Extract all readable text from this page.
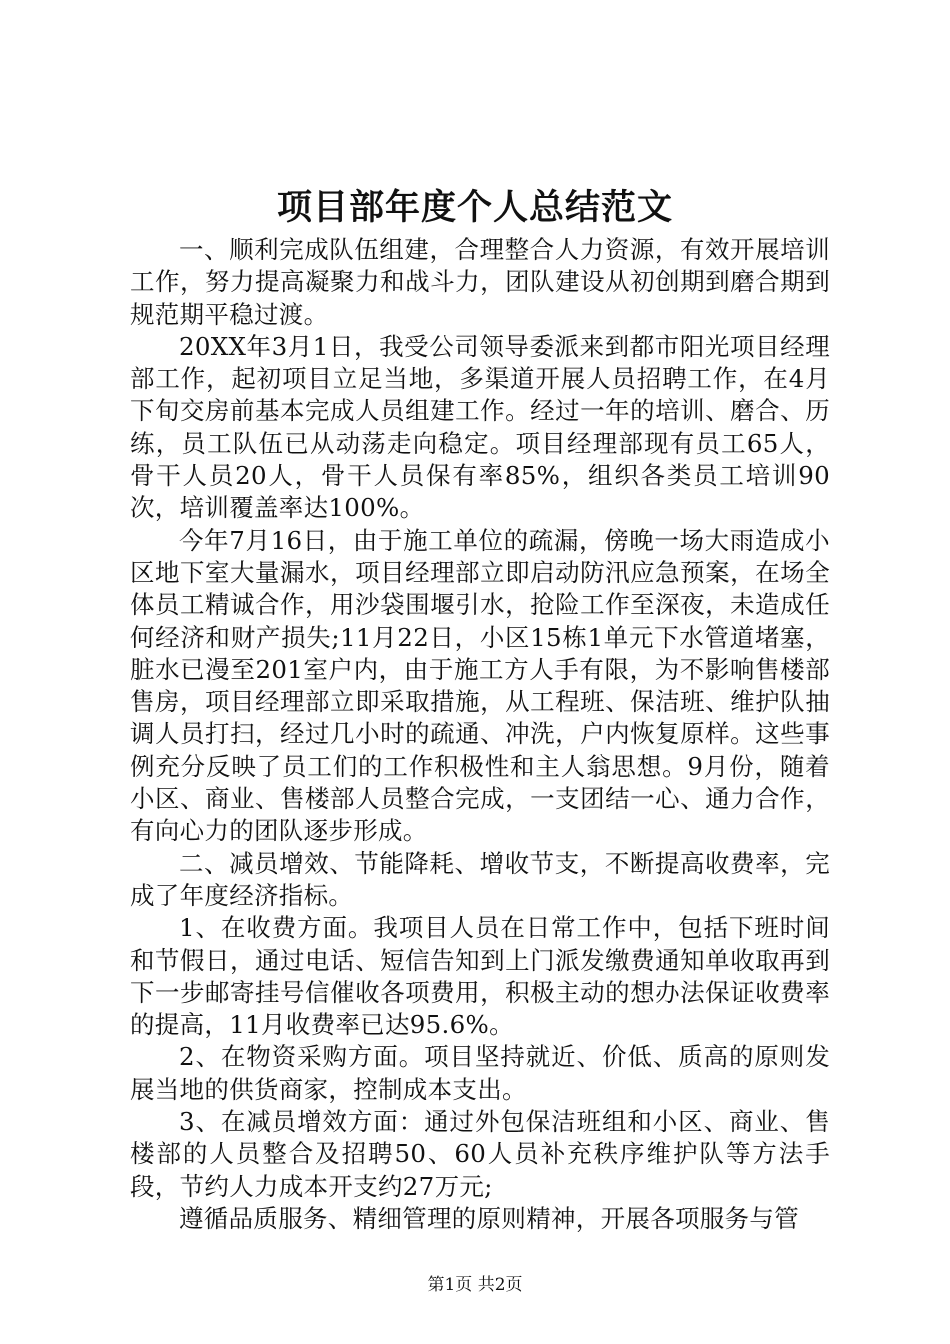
项目部年度个人总结范文

一、顺利完成队伍组建，合理整合人力资源，有效开展培训工作，努力提高凝聚力和战斗力，团队建设从初创期到磨合期到规范期平稳过渡。

20XX年3月1日，我受公司领导委派来到都市阳光项目经理部工作，起初项目立足当地，多渠道开展人员招聘工作，在4月下旬交房前基本完成人员组建工作。经过一年的培训、磨合、历练，员工队伍已从动荡走向稳定。项目经理部现有员工65人，骨干人员20人，骨干人员保有率85%，组织各类员工培训90次，培训覆盖率达100%。

今年7月16日，由于施工单位的疏漏，傍晚一场大雨造成小区地下室大量漏水，项目经理部立即启动防汛应急预案，在场全体员工精诚合作，用沙袋围堰引水，抢险工作至深夜，未造成任何经济和财产损失;11月22日，小区15栋1单元下水管道堵塞，脏水已漫至201室户内，由于施工方人手有限，为不影响售楼部售房，项目经理部立即采取措施，从工程班、保洁班、维护队抽调人员打扫，经过几小时的疏通、冲洗，户内恢复原样。这些事例充分反映了员工们的工作积极性和主人翁思想。9月份，随着小区、商业、售楼部人员整合完成，一支团结一心、通力合作，有向心力的团队逐步形成。

二、减员增效、节能降耗、增收节支，不断提高收费率，完成了年度经济指标。

1、在收费方面。我项目人员在日常工作中，包括下班时间和节假日，通过电话、短信告知到上门派发缴费通知单收取再到下一步邮寄挂号信催收各项费用，积极主动的想办法保证收费率的提高，11月收费率已达95.6%。

2、在物资采购方面。项目坚持就近、价低、质高的原则发展当地的供货商家，控制成本支出。

3、在减员增效方面：通过外包保洁班组和小区、商业、售楼部的人员整合及招聘50、60人员补充秩序维护队等方法手段，节约人力成本开支约27万元;

遵循品质服务、精细管理的原则精神，开展各项服务与管

第1页 共2页
